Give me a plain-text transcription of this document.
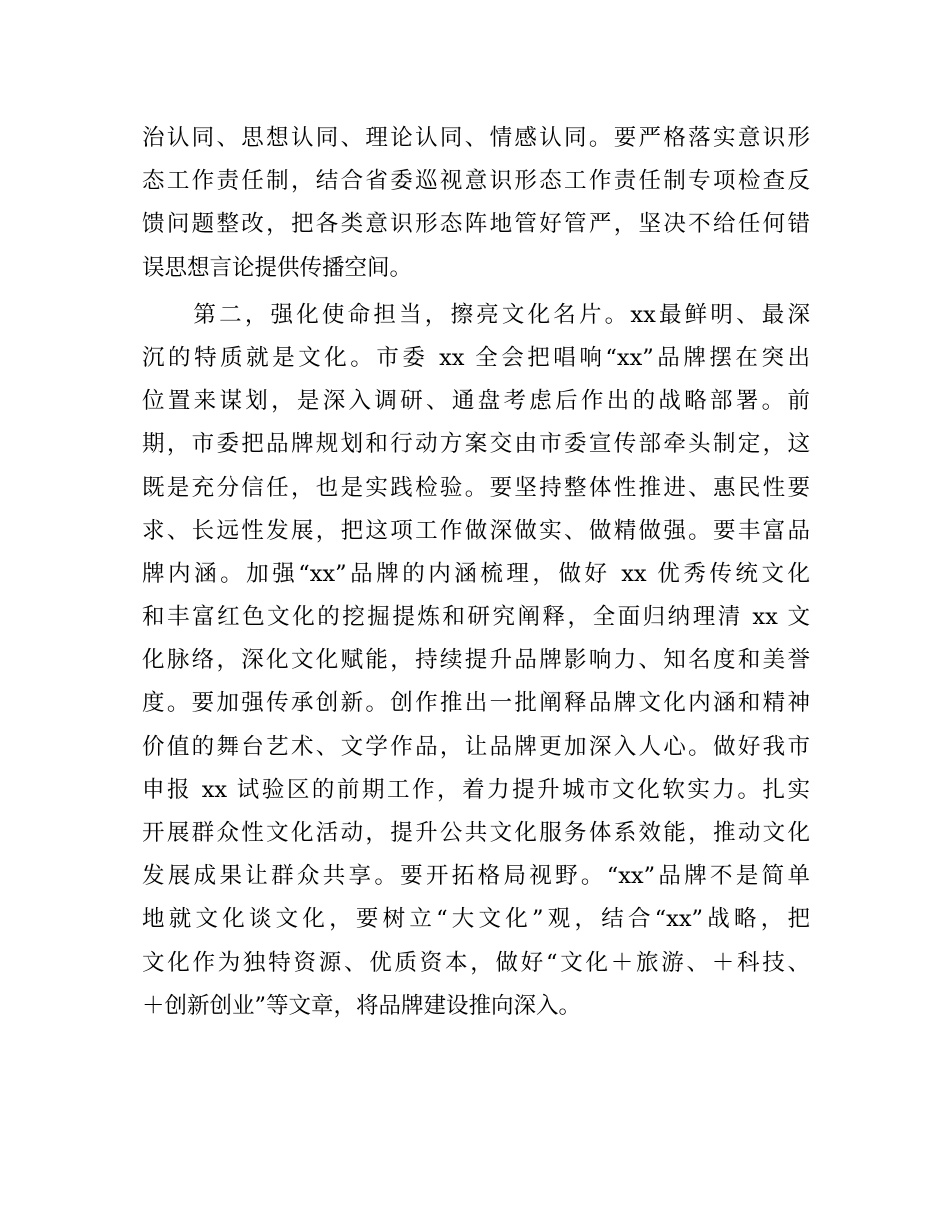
治认同、思想认同、理论认同、情感认同。要严格落实意识形
态工作责任制，结合省委巡视意识形态工作责任制专项检查反
馈问题整改，把各类意识形态阵地管好管严，坚决不给任何错
误思想言论提供传播空间。
　　第二，强化使命担当，擦亮文化名片。xx最鲜明、最深
沉的特质就是文化。市委 xx 全会把唱响“xx”品牌摆在突出
位置来谋划，是深入调研、通盘考虑后作出的战略部署。前
期，市委把品牌规划和行动方案交由市委宣传部牵头制定，这
既是充分信任，也是实践检验。要坚持整体性推进、惠民性要
求、长远性发展，把这项工作做深做实、做精做强。要丰富品
牌内涵。加强“xx”品牌的内涵梳理，做好 xx 优秀传统文化
和丰富红色文化的挖掘提炼和研究阐释，全面归纳理清 xx 文
化脉络，深化文化赋能，持续提升品牌影响力、知名度和美誉
度。要加强传承创新。创作推出一批阐释品牌文化内涵和精神
价值的舞台艺术、文学作品，让品牌更加深入人心。做好我市
申报 xx 试验区的前期工作，着力提升城市文化软实力。扎实
开展群众性文化活动，提升公共文化服务体系效能，推动文化
发展成果让群众共享。要开拓格局视野。“xx”品牌不是简单
地就文化谈文化，要树立“大文化”观，结合“xx”战略，把
文化作为独特资源、优质资本，做好“文化＋旅游、＋科技、
＋创新创业”等文章，将品牌建设推向深入。
